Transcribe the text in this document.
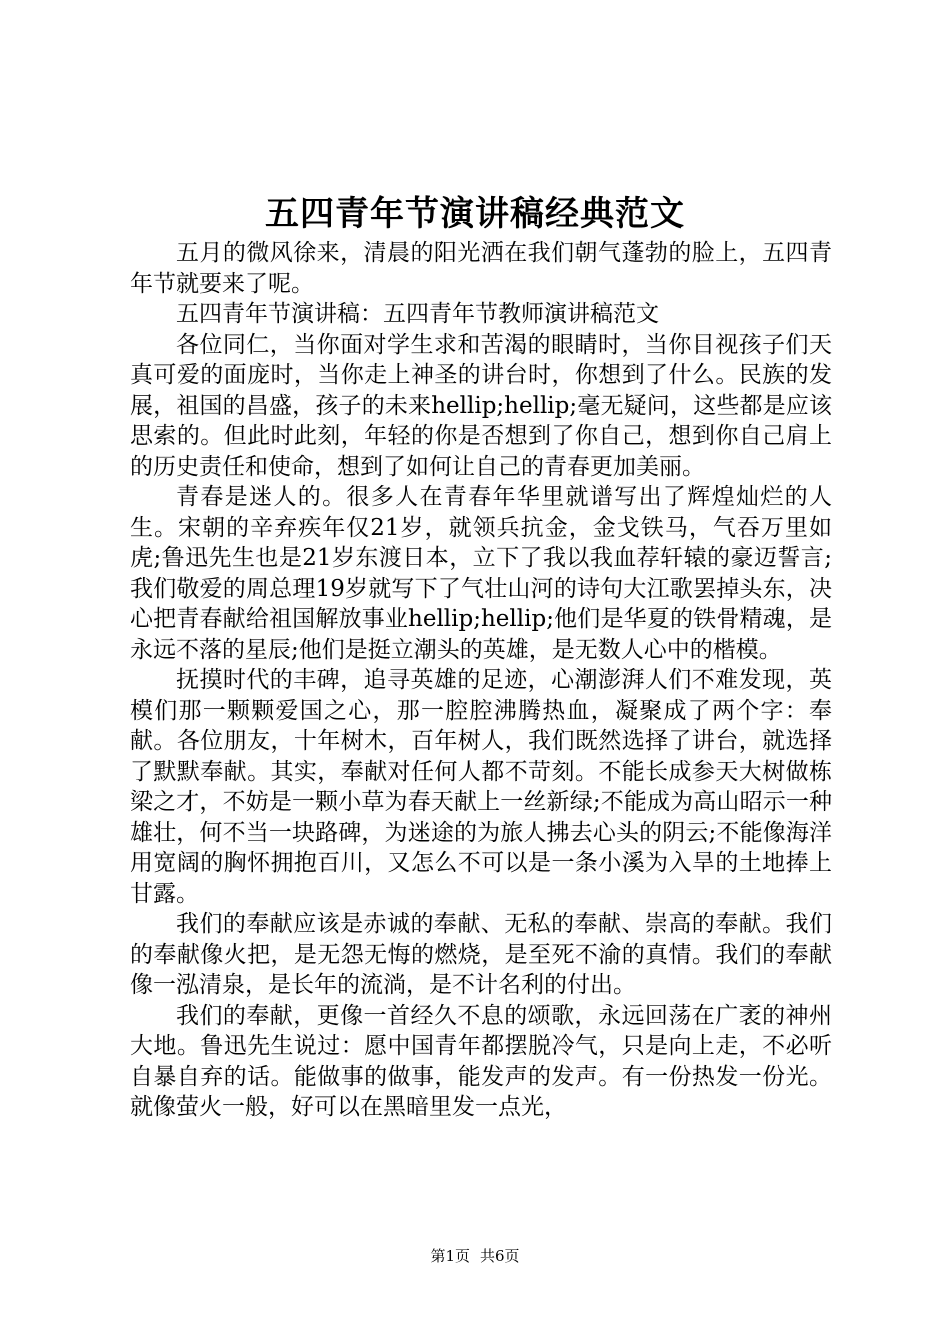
五四青年节演讲稿经典范文

五月的微风徐来，清晨的阳光洒在我们朝气蓬勃的脸上，五四青年节就要来了呢。

五四青年节演讲稿：五四青年节教师演讲稿范文

各位同仁，当你面对学生求和苦渴的眼睛时，当你目视孩子们天真可爱的面庞时，当你走上神圣的讲台时，你想到了什么。民族的发展，祖国的昌盛，孩子的未来hellip;hellip;毫无疑问，这些都是应该思索的。但此时此刻，年轻的你是否想到了你自己，想到你自己肩上的历史责任和使命，想到了如何让自己的青春更加美丽。

青春是迷人的。很多人在青春年华里就谱写出了辉煌灿烂的人生。宋朝的辛弃疾年仅21岁，就领兵抗金，金戈铁马，气吞万里如虎;鲁迅先生也是21岁东渡日本，立下了我以我血荐轩辕的豪迈誓言;我们敬爱的周总理19岁就写下了气壮山河的诗句大江歌罢掉头东，决心把青春献给祖国解放事业hellip;hellip;他们是华夏的铁骨精魂，是永远不落的星辰;他们是挺立潮头的英雄，是无数人心中的楷模。

抚摸时代的丰碑，追寻英雄的足迹，心潮澎湃人们不难发现，英模们那一颗颗爱国之心，那一腔腔沸腾热血，凝聚成了两个字：奉献。各位朋友，十年树木，百年树人，我们既然选择了讲台，就选择了默默奉献。其实，奉献对任何人都不苛刻。不能长成参天大树做栋梁之才，不妨是一颗小草为春天献上一丝新绿;不能成为高山昭示一种雄壮，何不当一块路碑，为迷途的为旅人拂去心头的阴云;不能像海洋用宽阔的胸怀拥抱百川，又怎么不可以是一条小溪为入旱的土地捧上甘露。

我们的奉献应该是赤诚的奉献、无私的奉献、崇高的奉献。我们的奉献像火把，是无怨无悔的燃烧，是至死不渝的真情。我们的奉献像一泓清泉，是长年的流淌，是不计名利的付出。

我们的奉献，更像一首经久不息的颂歌，永远回荡在广袤的神州大地。鲁迅先生说过：愿中国青年都摆脱冷气，只是向上走，不必听自暴自弃的话。能做事的做事，能发声的发声。有一份热发一份光。就像萤火一般，好可以在黑暗里发一点光，

第1页 共6页
